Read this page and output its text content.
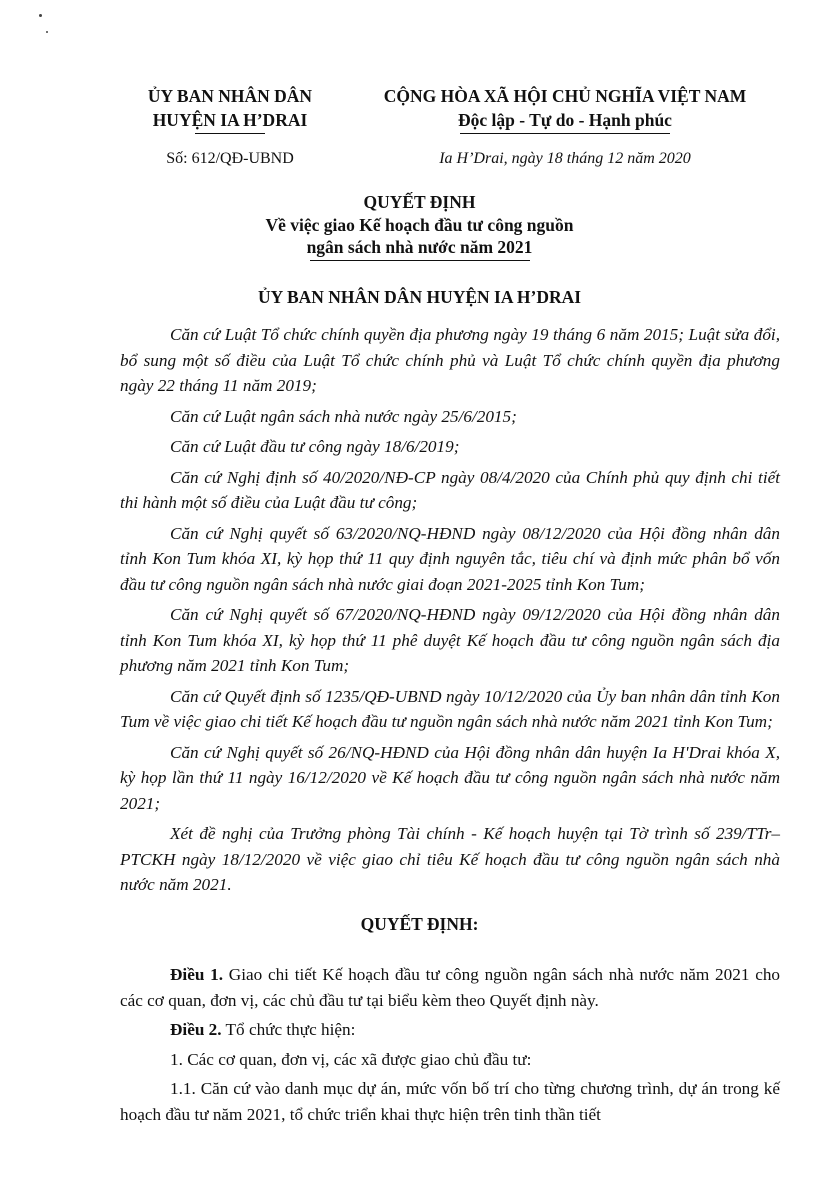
ỦY BAN NHÂN DÂN
HUYỆN IA H’DRAI
Số: 612/QĐ-UBND
CỘNG HÒA XÃ HỘI CHỦ NGHĨA VIỆT NAM
Độc lập - Tự do - Hạnh phúc
Ia H’Drai, ngày 18 tháng 12 năm 2020
QUYẾT ĐỊNH
Về việc giao Kế hoạch đầu tư công nguồn
ngân sách nhà nước năm 2021
ỦY BAN NHÂN DÂN HUYỆN IA H’DRAI

Căn cứ Luật Tổ chức chính quyền địa phương ngày 19 tháng 6 năm 2015; Luật sửa đổi, bổ sung một số điều của Luật Tổ chức chính phủ và Luật Tổ chức chính quyền địa phương ngày 22 tháng 11 năm 2019;

Căn cứ Luật ngân sách nhà nước ngày 25/6/2015;

Căn cứ Luật đầu tư công ngày 18/6/2019;

Căn cứ Nghị định số 40/2020/NĐ-CP ngày 08/4/2020 của Chính phủ quy định chi tiết thi hành một số điều của Luật đầu tư công;

Căn cứ Nghị quyết số 63/2020/NQ-HĐND ngày 08/12/2020 của Hội đồng nhân dân tỉnh Kon Tum khóa XI, kỳ họp thứ 11 quy định nguyên tắc, tiêu chí và định mức phân bổ vốn đầu tư công nguồn ngân sách nhà nước giai đoạn 2021-2025 tỉnh Kon Tum;

Căn cứ Nghị quyết số 67/2020/NQ-HĐND ngày 09/12/2020 của Hội đồng nhân dân tỉnh Kon Tum khóa XI, kỳ họp thứ 11 phê duyệt Kế hoạch đầu tư công nguồn ngân sách địa phương năm 2021 tỉnh Kon Tum;

Căn cứ Quyết định số 1235/QĐ-UBND ngày 10/12/2020 của Ủy ban nhân dân tỉnh Kon Tum về việc giao chi tiết Kế hoạch đầu tư nguồn ngân sách nhà nước năm 2021 tỉnh Kon Tum;

Căn cứ Nghị quyết số 26/NQ-HĐND của Hội đồng nhân dân huyện Ia H'Drai khóa X, kỳ họp lần thứ 11 ngày 16/12/2020 về Kế hoạch đầu tư công nguồn ngân sách nhà nước năm 2021;

Xét đề nghị của Trưởng phòng Tài chính - Kế hoạch huyện tại Tờ trình số 239/TTr–PTCKH ngày 18/12/2020 về việc giao chỉ tiêu Kế hoạch đầu tư công nguồn ngân sách nhà nước năm 2021.

QUYẾT ĐỊNH:

Điều 1. Giao chi tiết Kế hoạch đầu tư công nguồn ngân sách nhà nước năm 2021 cho các cơ quan, đơn vị, các chủ đầu tư tại biểu kèm theo Quyết định này.

Điều 2. Tổ chức thực hiện:

1. Các cơ quan, đơn vị, các xã được giao chủ đầu tư:

1.1. Căn cứ vào danh mục dự án, mức vốn bố trí cho từng chương trình, dự án trong kế hoạch đầu tư năm 2021, tổ chức triển khai thực hiện trên tinh thần tiết
